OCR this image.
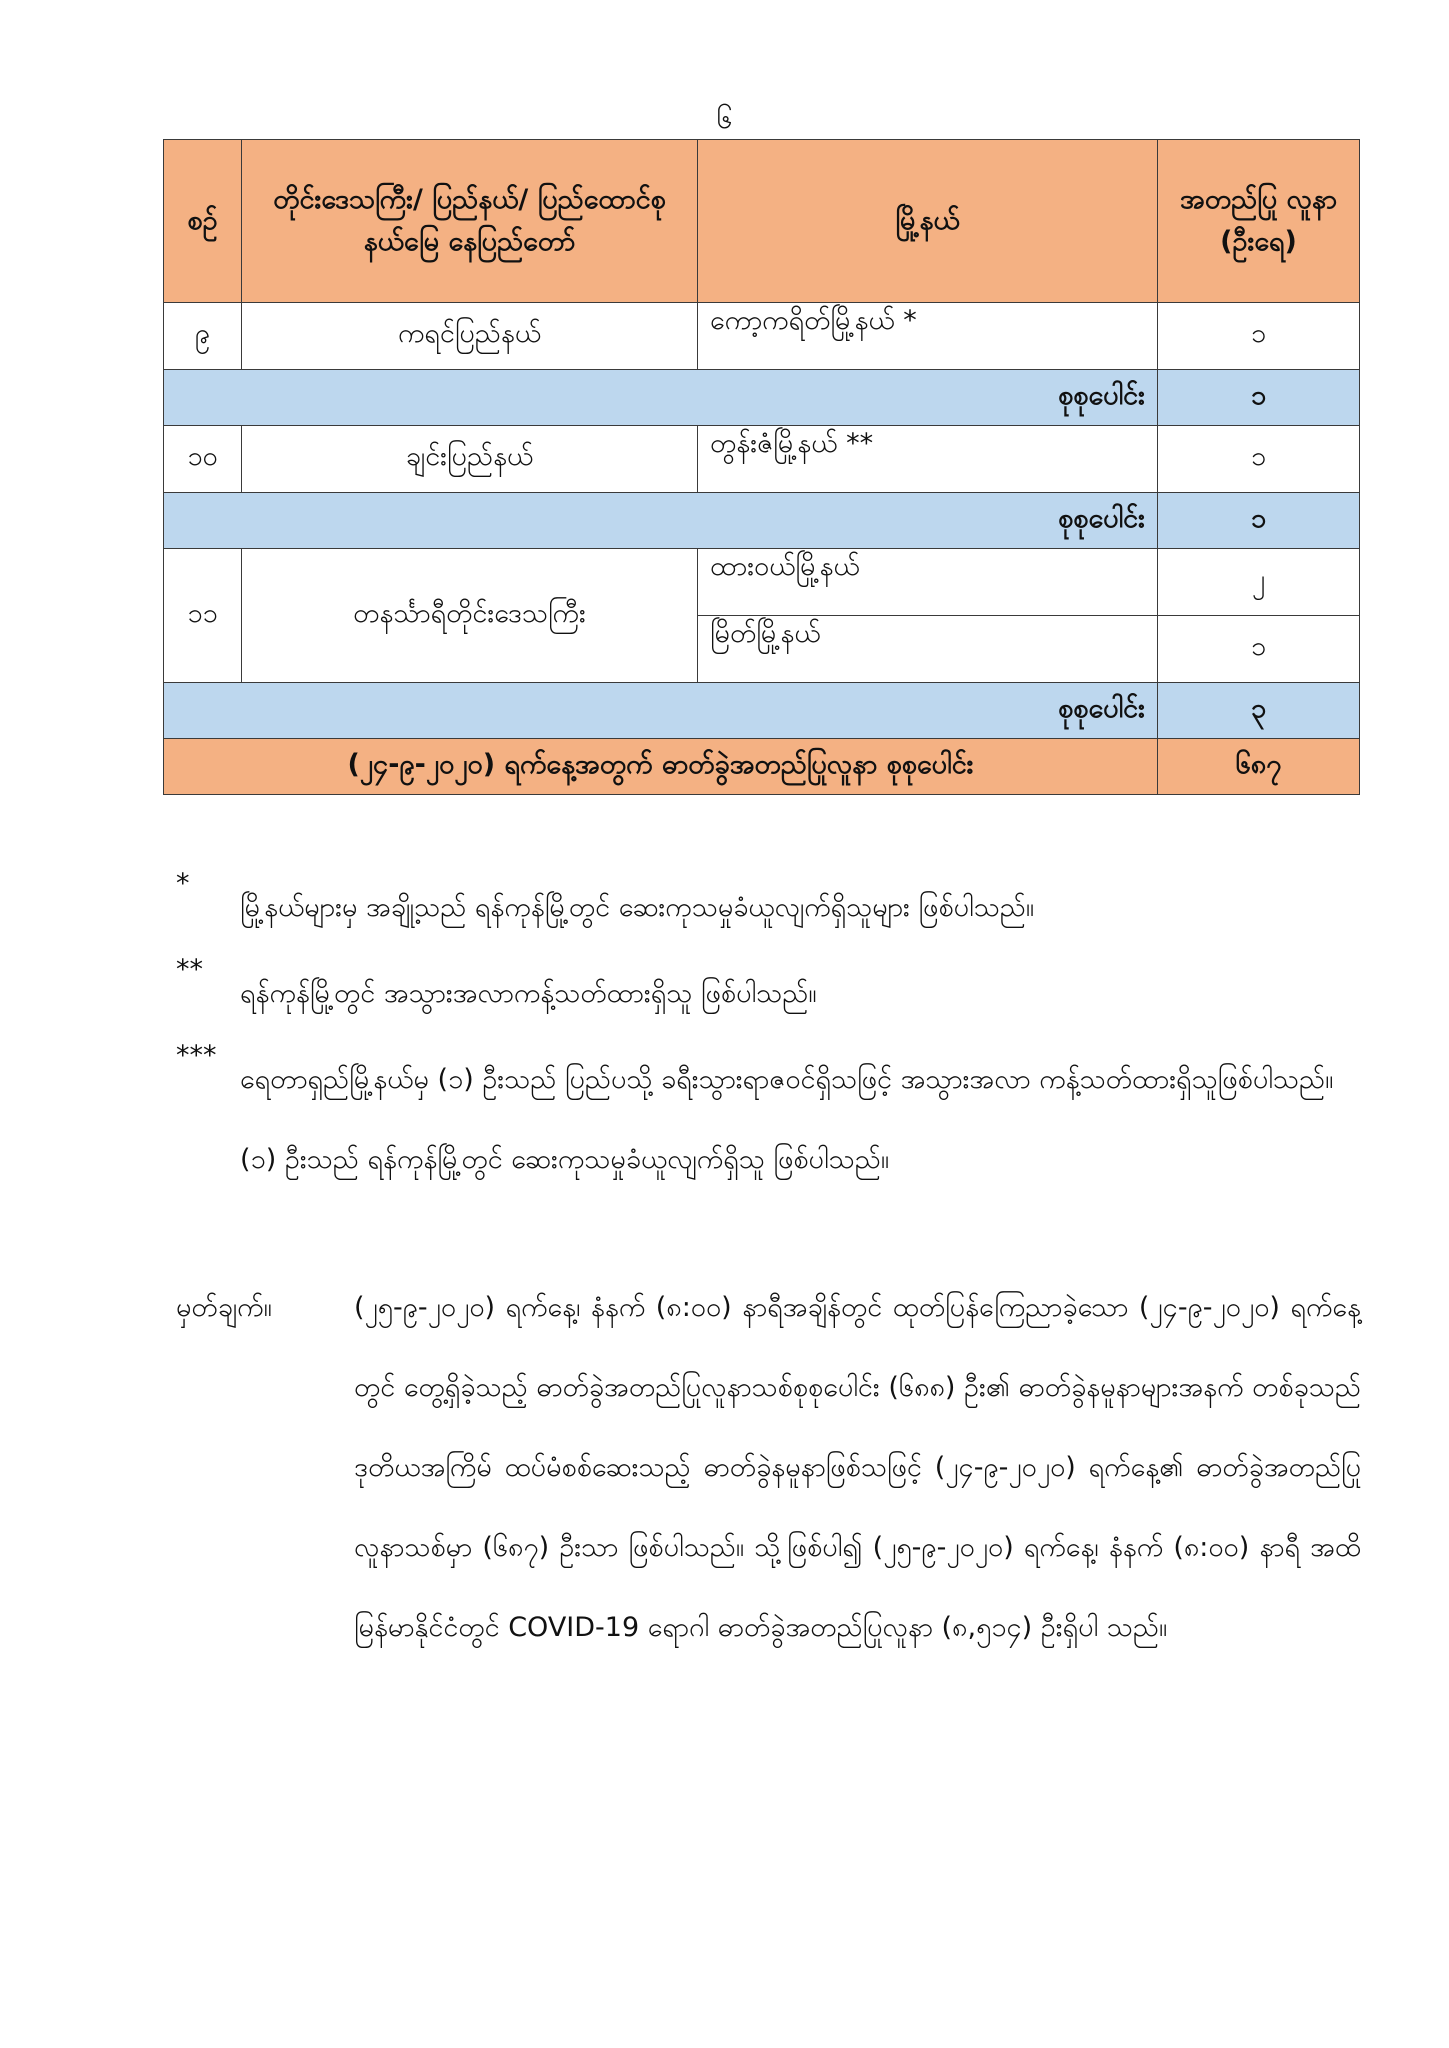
၆
စဉ်	တိုင်းဒေသကြီး/ ပြည်နယ်/ ပြည်ထောင်စုနယ်မြေ နေပြည်တော်	မြို့နယ်	အတည်ပြု လူနာ (ဦးရေ)
၉	ကရင်ပြည်နယ်	ကော့ကရိတ်မြို့နယ် *	၁
စုစုပေါင်း			၁
၁၀	ချင်းပြည်နယ်	တွန်းဇံမြို့နယ် **	၁
စုစုပေါင်း			၁
၁၁	တနင်္သာရီတိုင်းဒေသကြီး	ထားဝယ်မြို့နယ်	၂
		မြိတ်မြို့နယ်	၁
စုစုပေါင်း			၃
(၂၄-၉-၂၀၂၀) ရက်နေ့အတွက် ဓာတ်ခွဲအတည်ပြုလူနာ စုစုပေါင်း			၆၈၇
*
မြို့နယ်များမှ အချို့သည် ရန်ကုန်မြို့တွင် ဆေးကုသမှုခံယူလျက်ရှိသူများ ဖြစ်ပါသည်။
**
ရန်ကုန်မြို့တွင် အသွားအလာကန့်သတ်ထားရှိသူ ဖြစ်ပါသည်။
***
ရေတာရှည်မြို့နယ်မှ (၁) ဦးသည် ပြည်ပသို့ ခရီးသွားရာဇဝင်ရှိသဖြင့် အသွားအလာ ကန့်သတ်ထားရှိသူဖြစ်ပါသည်။ (၁) ဦးသည် ရန်ကုန်မြို့တွင် ဆေးကုသမှုခံယူလျက်ရှိသူ ဖြစ်ပါသည်။
မှတ်ချက်။	(၂၅-၉-၂၀၂၀) ရက်နေ့၊ နံနက် (၈:၀၀) နာရီအချိန်တွင် ထုတ်ပြန်ကြေညာခဲ့သော (၂၄-၉-၂၀၂၀) ရက်နေ့တွင် တွေ့ရှိခဲ့သည့် ဓာတ်ခွဲအတည်ပြုလူနာသစ်စုစုပေါင်း (၆၈၈) ဦး၏ ဓာတ်ခွဲနမူနာများအနက် တစ်ခုသည် ဒုတိယအကြိမ် ထပ်မံစစ်ဆေးသည့် ဓာတ်ခွဲနမူနာဖြစ်သဖြင့် (၂၄-၉-၂၀၂၀) ရက်နေ့၏ ဓာတ်ခွဲအတည်ပြုလူနာသစ်မှာ (၆၈၇) ဦးသာ ဖြစ်ပါသည်။ သို့ဖြစ်ပါ၍ (၂၅-၉-၂၀၂၀) ရက်နေ့၊ နံနက် (၈:၀၀) နာရီ အထိ မြန်မာနိုင်ငံတွင် COVID-19 ရောဂါ ဓာတ်ခွဲအတည်ပြုလူနာ (၈,၅၁၄) ဦးရှိပါ သည်။
